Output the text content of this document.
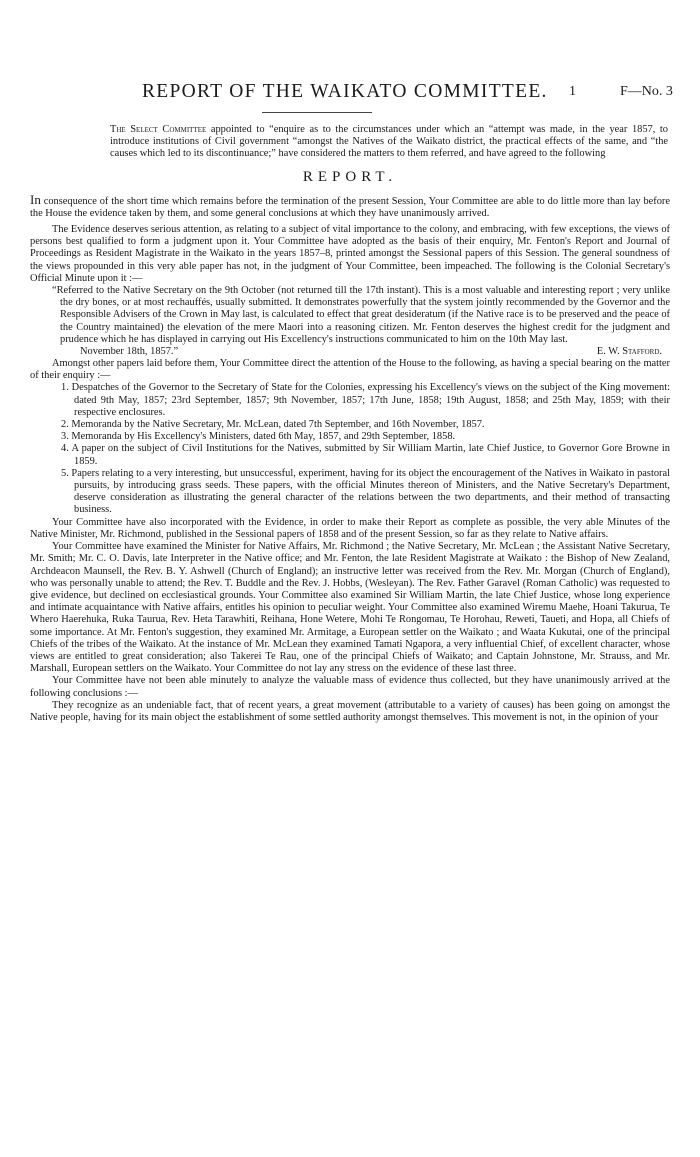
REPORT OF THE WAIKATO COMMITTEE.	1	F—No. 3

The Select Committee appointed to “enquire as to the circumstances under which an “attempt was made, in the year 1857, to introduce institutions of Civil government “amongst the Natives of the Waikato district, the practical effects of the same, and “the causes which led to its discontinuance;” have considered the matters to them referred, and have agreed to the following

REPORT.

In consequence of the short time which remains before the termination of the present Session, Your Committee are able to do little more than lay before the House the evidence taken by them, and some general conclusions at which they have unanimously arrived.

The Evidence deserves serious attention, as relating to a subject of vital importance to the colony, and embracing, with few exceptions, the views of persons best qualified to form a judgment upon it. Your Committee have adopted as the basis of their enquiry, Mr. Fenton's Report and Journal of Proceedings as Resident Magistrate in the Waikato in the years 1857–8, printed amongst the Sessional papers of this Session. The general soundness of the views propounded in this very able paper has not, in the judgment of Your Committee, been impeached. The following is the Colonial Secretary's Official Minute upon it :—

“Referred to the Native Secretary on the 9th October (not returned till the 17th instant). This is a most valuable and interesting report ; very unlike the dry bones, or at most rechauffés, usually submitted. It demonstrates powerfully that the system jointly recommended by the Governor and the Responsible Advisers of the Crown in May last, is calculated to effect that great desideratum (if the Native race is to be preserved and the peace of the Country maintained) the elevation of the mere Maori into a reasoning citizen. Mr. Fenton deserves the highest credit for the judgment and prudence which he has displayed in carrying out His Excellency's instructions communicated to him on the 10th May last.

November 18th, 1857.”	E. W. Stafford.

Amongst other papers laid before them, Your Committee direct the attention of the House to the following, as having a special bearing on the matter of their enquiry :—

1. Despatches of the Governor to the Secretary of State for the Colonies, expressing his Excellency's views on the subject of the King movement: dated 9th May, 1857; 23rd September, 1857; 9th November, 1857; 17th June, 1858; 19th August, 1858; and 25th May, 1859; with their respective enclosures.

2. Memoranda by the Native Secretary, Mr. McLean, dated 7th September, and 16th November, 1857.

3. Memoranda by His Excellency's Ministers, dated 6th May, 1857, and 29th September, 1858.

4. A paper on the subject of Civil Institutions for the Natives, submitted by Sir William Martin, late Chief Justice, to Governor Gore Browne in 1859.

5. Papers relating to a very interesting, but unsuccessful, experiment, having for its object the encouragement of the Natives in Waikato in pastoral pursuits, by introducing grass seeds. These papers, with the official Minutes thereon of Ministers, and the Native Secretary's Department, deserve consideration as illustrating the general character of the relations between the two departments, and their method of transacting business.

Your Committee have also incorporated with the Evidence, in order to make their Report as complete as possible, the very able Minutes of the Native Minister, Mr. Richmond, published in the Sessional papers of 1858 and of the present Session, so far as they relate to Native affairs.

Your Committee have examined the Minister for Native Affairs, Mr. Richmond ; the Native Secretary, Mr. McLean ; the Assistant Native Secretary, Mr. Smith; Mr. C. O. Davis, late Interpreter in the Native office; and Mr. Fenton, the late Resident Magistrate at Waikato : the Bishop of New Zealand, Archdeacon Maunsell, the Rev. B. Y. Ashwell (Church of England); an instructive letter was received from the Rev. Mr. Morgan (Church of England), who was personally unable to attend; the Rev. T. Buddle and the Rev. J. Hobbs, (Wesleyan). The Rev. Father Garavel (Roman Catholic) was requested to give evidence, but declined on ecclesiastical grounds. Your Committee also examined Sir William Martin, the late Chief Justice, whose long experience and intimate acquaintance with Native affairs, entitles his opinion to peculiar weight. Your Committee also examined Wiremu Maehe, Hoani Takurua, Te Whero Haerehuka, Ruka Taurua, Rev. Heta Tarawhiti, Reihana, Hone Wetere, Mohi Te Rongomau, Te Horohau, Reweti, Taueti, and Hopa, all Chiefs of some importance. At Mr. Fenton's suggestion, they examined Mr. Armitage, a European settler on the Waikato ; and Waata Kukutai, one of the principal Chiefs of the tribes of the Waikato. At the instance of Mr. McLean they examined Tamati Ngapora, a very influential Chief, of excellent character, whose views are entitled to great consideration; also Takerei Te Rau, one of the principal Chiefs of Waikato; and Captain Johnstone, Mr. Strauss, and Mr. Marshall, European settlers on the Waikato. Your Committee do not lay any stress on the evidence of these last three.

Your Committee have not been able minutely to analyze the valuable mass of evidence thus collected, but they have unanimously arrived at the following conclusions :—

They recognize as an undeniable fact, that of recent years, a great movement (attributable to a variety of causes) has been going on amongst the Native people, having for its main object the establishment of some settled authority amongst themselves. This movement is not, in the opinion of your
